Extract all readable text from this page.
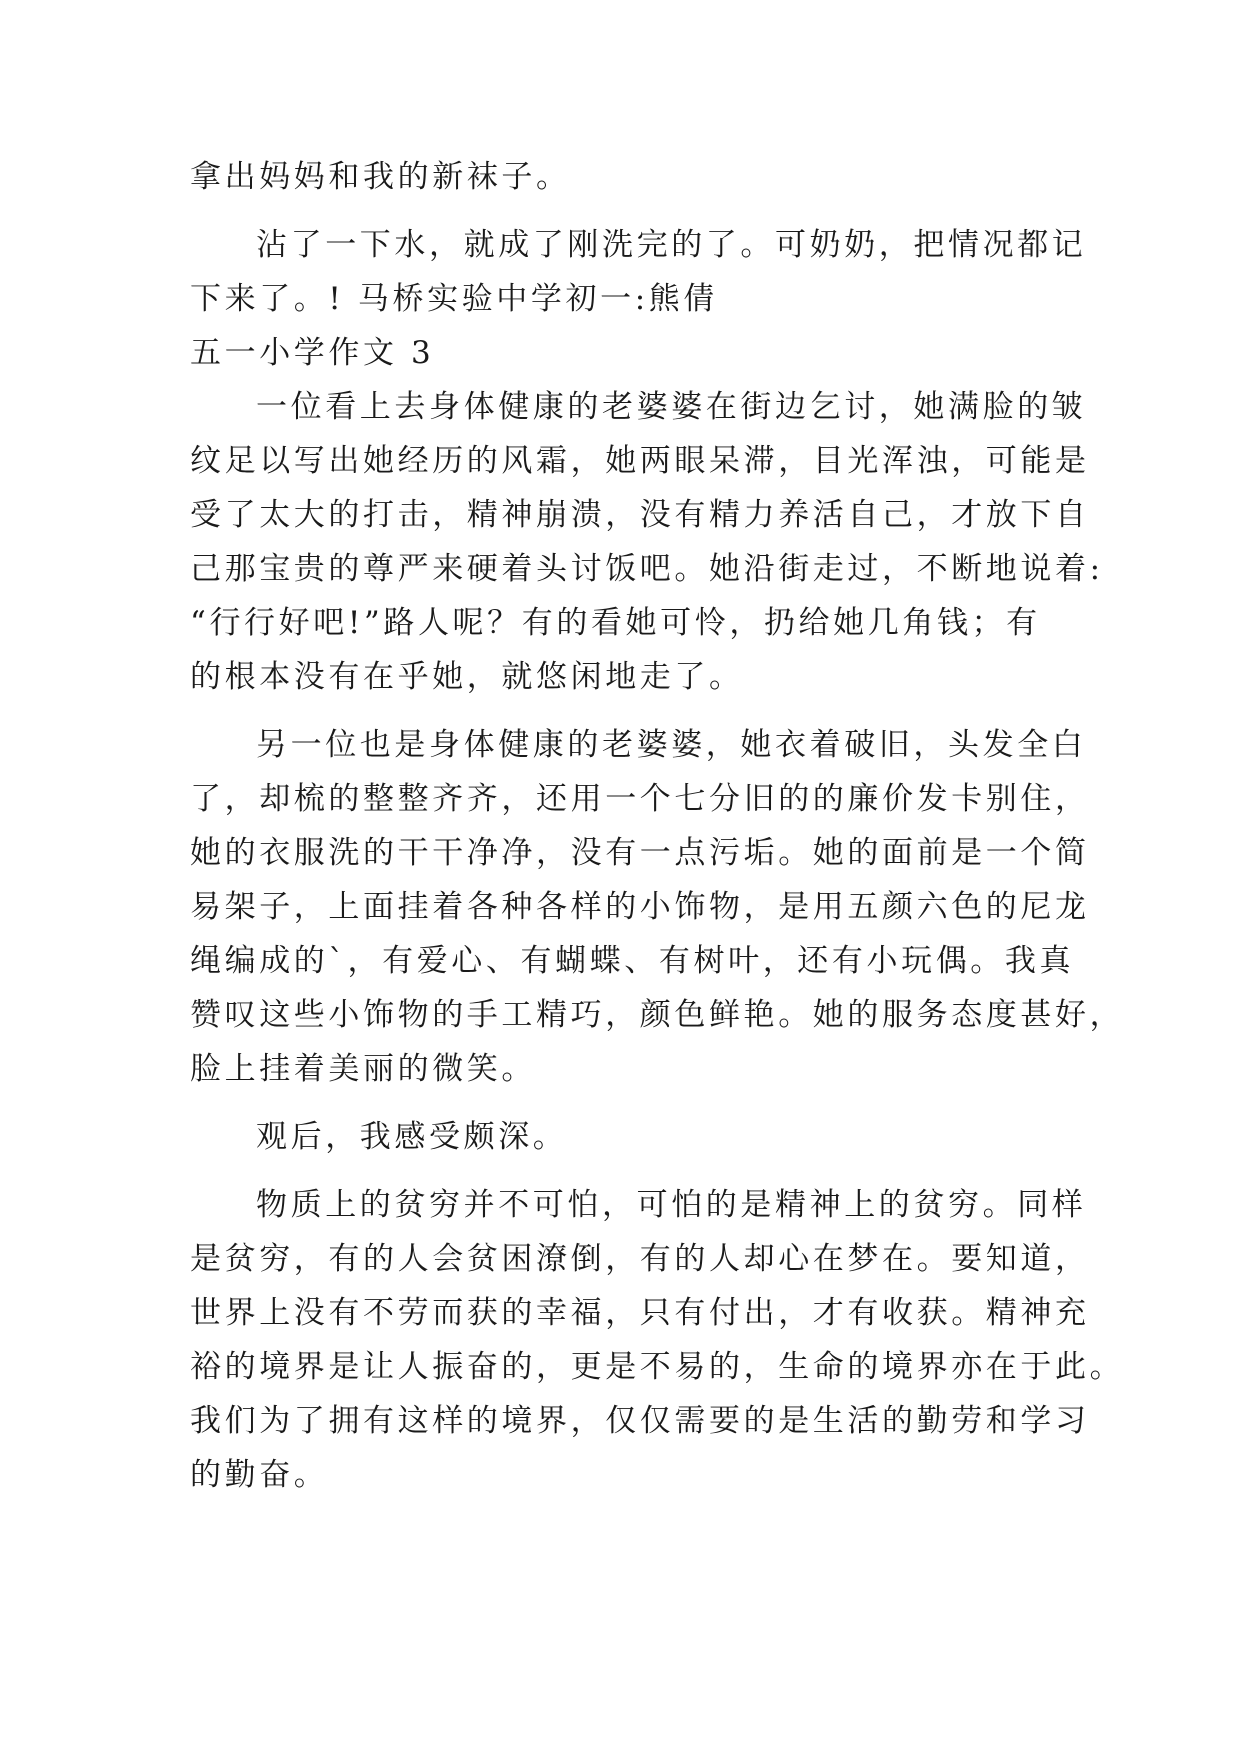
拿出妈妈和我的新袜子。
沾了一下水，就成了刚洗完的了。可奶奶，把情况都记
下来了。! 马桥实验中学初一:熊倩
五一小学作文 3
一位看上去身体健康的老婆婆在街边乞讨，她满脸的皱
纹足以写出她经历的风霜，她两眼呆滞，目光浑浊，可能是
受了太大的打击，精神崩溃，没有精力养活自己，才放下自
己那宝贵的尊严来硬着头讨饭吧。她沿街走过，不断地说着:
“行行好吧!”路人呢？有的看她可怜，扔给她几角钱；有
的根本没有在乎她，就悠闲地走了。
另一位也是身体健康的老婆婆，她衣着破旧，头发全白
了，却梳的整整齐齐，还用一个七分旧的的廉价发卡别住，
她的衣服洗的干干净净，没有一点污垢。她的面前是一个简
易架子，上面挂着各种各样的小饰物，是用五颜六色的尼龙
绳编成的`，有爱心、有蝴蝶、有树叶，还有小玩偶。我真
赞叹这些小饰物的手工精巧，颜色鲜艳。她的服务态度甚好，
脸上挂着美丽的微笑。
观后，我感受颇深。
物质上的贫穷并不可怕，可怕的是精神上的贫穷。同样
是贫穷，有的人会贫困潦倒，有的人却心在梦在。要知道，
世界上没有不劳而获的幸福，只有付出，才有收获。精神充
裕的境界是让人振奋的，更是不易的，生命的境界亦在于此。
我们为了拥有这样的境界，仅仅需要的是生活的勤劳和学习
的勤奋。
